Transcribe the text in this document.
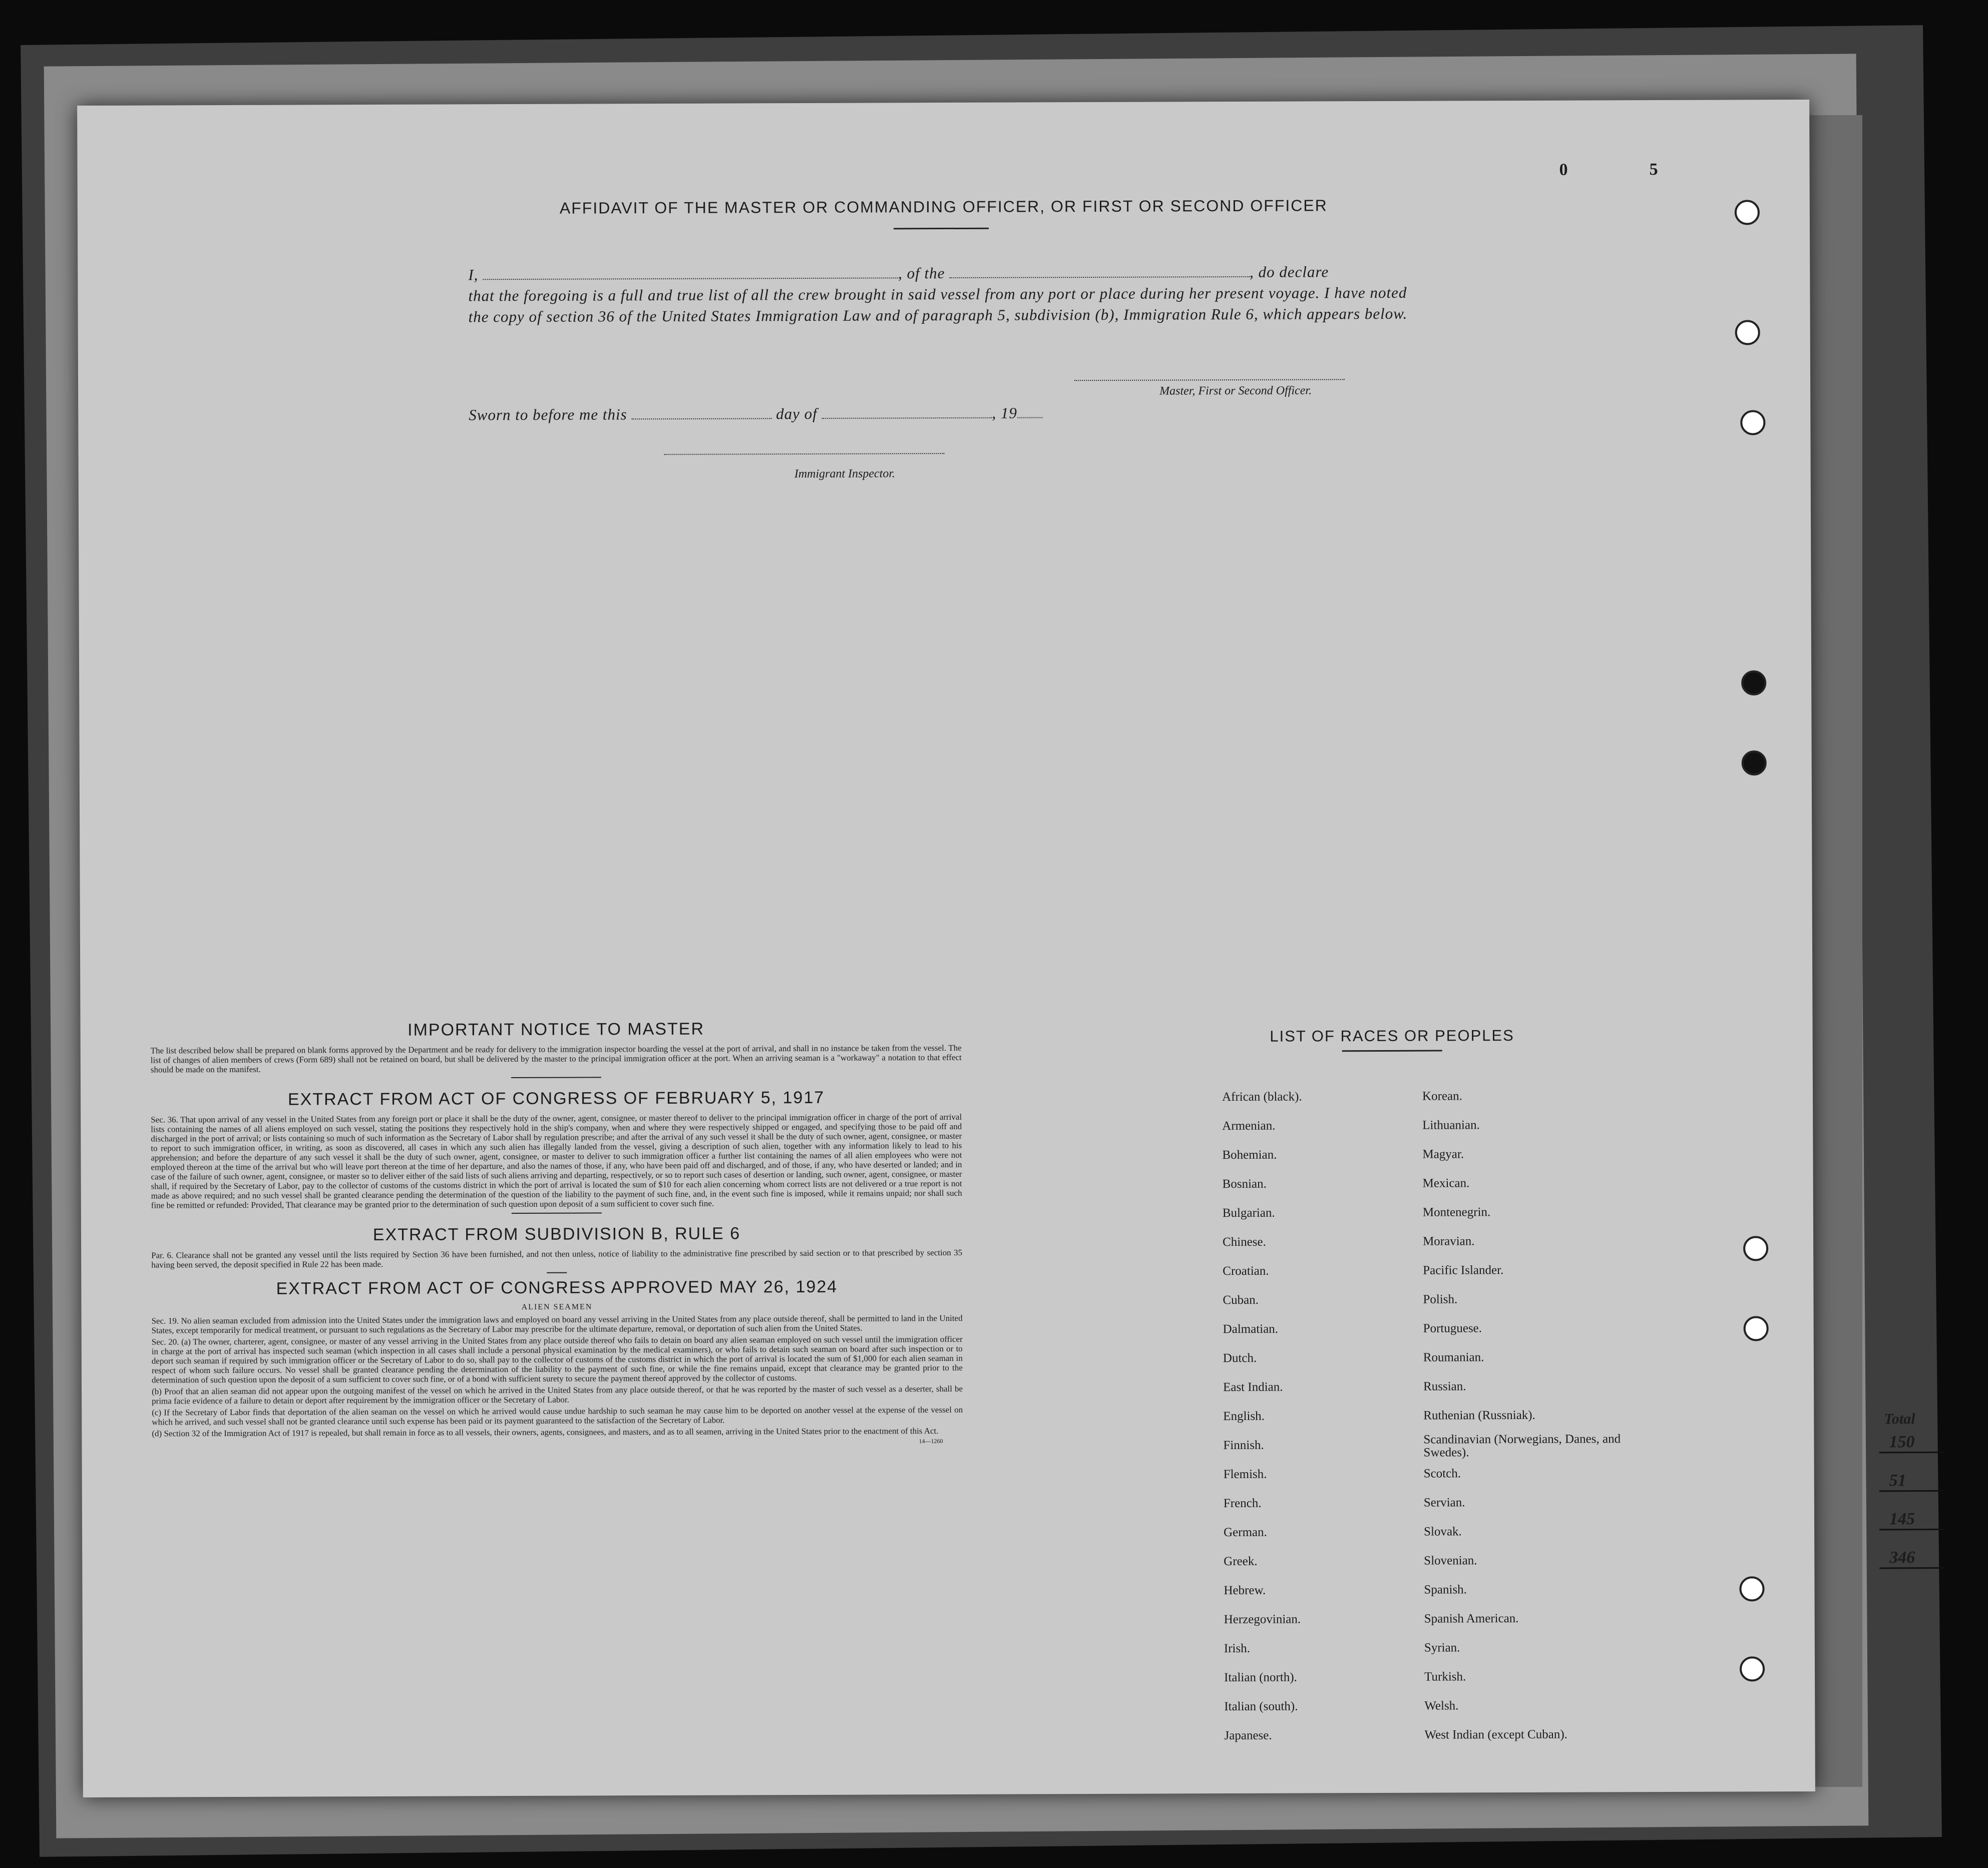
0	5
AFFIDAVIT OF THE MASTER OR COMMANDING OFFICER, OR FIRST OR SECOND OFFICER
I,	, of the	, do declare
that the foregoing is a full and true list of all the crew brought in said vessel from any port or place during her present voyage. I have noted the copy of section 36 of the United States Immigration Law and of paragraph 5, subdivision (b), Immigration Rule 6, which appears below.
Master, First or Second Officer.
Sworn to before me this	day of	, 19
Immigrant Inspector.
IMPORTANT NOTICE TO MASTER

The list described below shall be prepared on blank forms approved by the Department and be ready for delivery to the immigration inspector boarding the vessel at the port of arrival, and shall in no instance be taken from the vessel. The list of changes of alien members of crews (Form 689) shall not be retained on board, but shall be delivered by the master to the principal immigration officer at the port. When an arriving seaman is a "workaway" a notation to that effect should be made on the manifest.

EXTRACT FROM ACT OF CONGRESS OF FEBRUARY 5, 1917

Sec. 36. That upon arrival of any vessel in the United States from any foreign port or place it shall be the duty of the owner, agent, consignee, or master thereof to deliver to the principal immigration officer in charge of the port of arrival lists containing the names of all aliens employed on such vessel, stating the positions they respectively hold in the ship's company, when and where they were respectively shipped or engaged, and specifying those to be paid off and discharged in the port of arrival; or lists containing so much of such information as the Secretary of Labor shall by regulation prescribe; and after the arrival of any such vessel it shall be the duty of such owner, agent, consignee, or master to report to such immigration officer, in writing, as soon as discovered, all cases in which any such alien has illegally landed from the vessel, giving a description of such alien, together with any information likely to lead to his apprehension; and before the departure of any such vessel it shall be the duty of such owner, agent, consignee, or master to deliver to such immigration officer a further list containing the names of all alien employees who were not employed thereon at the time of the arrival but who will leave port thereon at the time of her departure, and also the names of those, if any, who have been paid off and discharged, and of those, if any, who have deserted or landed; and in case of the failure of such owner, agent, consignee, or master so to deliver either of the said lists of such aliens arriving and departing, respectively, or so to report such cases of desertion or landing, such owner, agent, consignee, or master shall, if required by the Secretary of Labor, pay to the collector of customs of the customs district in which the port of arrival is located the sum of $10 for each alien concerning whom correct lists are not delivered or a true report is not made as above required; and no such vessel shall be granted clearance pending the determination of the question of the liability to the payment of such fine, and, in the event such fine is imposed, while it remains unpaid; nor shall such fine be remitted or refunded: Provided, That clearance may be granted prior to the determination of such question upon deposit of a sum sufficient to cover such fine.

EXTRACT FROM SUBDIVISION B, RULE 6

Par. 6. Clearance shall not be granted any vessel until the lists required by Section 36 have been furnished, and not then unless, notice of liability to the administrative fine prescribed by said section or to that prescribed by section 35 having been served, the deposit specified in Rule 22 has been made.

EXTRACT FROM ACT OF CONGRESS APPROVED MAY 26, 1924
ALIEN SEAMEN

Sec. 19. No alien seaman excluded from admission into the United States under the immigration laws and employed on board any vessel arriving in the United States from any place outside thereof, shall be permitted to land in the United States, except temporarily for medical treatment, or pursuant to such regulations as the Secretary of Labor may prescribe for the ultimate departure, removal, or deportation of such alien from the United States.

Sec. 20. (a) The owner, charterer, agent, consignee, or master of any vessel arriving in the United States from any place outside thereof who fails to detain on board any alien seaman employed on such vessel until the immigration officer in charge at the port of arrival has inspected such seaman (which inspection in all cases shall include a personal physical examination by the medical examiners), or who fails to detain such seaman on board after such inspection or to deport such seaman if required by such immigration officer or the Secretary of Labor to do so, shall pay to the collector of customs of the customs district in which the port of arrival is located the sum of $1,000 for each alien seaman in respect of whom such failure occurs. No vessel shall be granted clearance pending the determination of the liability to the payment of such fine, or while the fine remains unpaid, except that clearance may be granted prior to the determination of such question upon the deposit of a sum sufficient to cover such fine, or of a bond with sufficient surety to secure the payment thereof approved by the collector of customs.

(b) Proof that an alien seaman did not appear upon the outgoing manifest of the vessel on which he arrived in the United States from any place outside thereof, or that he was reported by the master of such vessel as a deserter, shall be prima facie evidence of a failure to detain or deport after requirement by the immigration officer or the Secretary of Labor.

(c) If the Secretary of Labor finds that deportation of the alien seaman on the vessel on which he arrived would cause undue hardship to such seaman he may cause him to be deported on another vessel at the expense of the vessel on which he arrived, and such vessel shall not be granted clearance until such expense has been paid or its payment guaranteed to the satisfaction of the Secretary of Labor.

(d) Section 32 of the Immigration Act of 1917 is repealed, but shall remain in force as to all vessels, their owners, agents, consignees, and masters, and as to all seamen, arriving in the United States prior to the enactment of this Act.

14—1260
LIST OF RACES OR PEOPLES
African (black).
Armenian.
Bohemian.
Bosnian.
Bulgarian.
Chinese.
Croatian.
Cuban.
Dalmatian.
Dutch.
East Indian.
English.
Finnish.
Flemish.
French.
German.
Greek.
Hebrew.
Herzegovinian.
Irish.
Italian (north).
Italian (south).
Japanese.
Korean.
Lithuanian.
Magyar.
Mexican.
Montenegrin.
Moravian.
Pacific Islander.
Polish.
Portuguese.
Roumanian.
Russian.
Ruthenian (Russniak).
Scandinavian (Norwegians, Danes, and Swedes).
Scotch.
Servian.
Slovak.
Slovenian.
Spanish.
Spanish American.
Syrian.
Turkish.
Welsh.
West Indian (except Cuban).
Total
150
51
145
346
